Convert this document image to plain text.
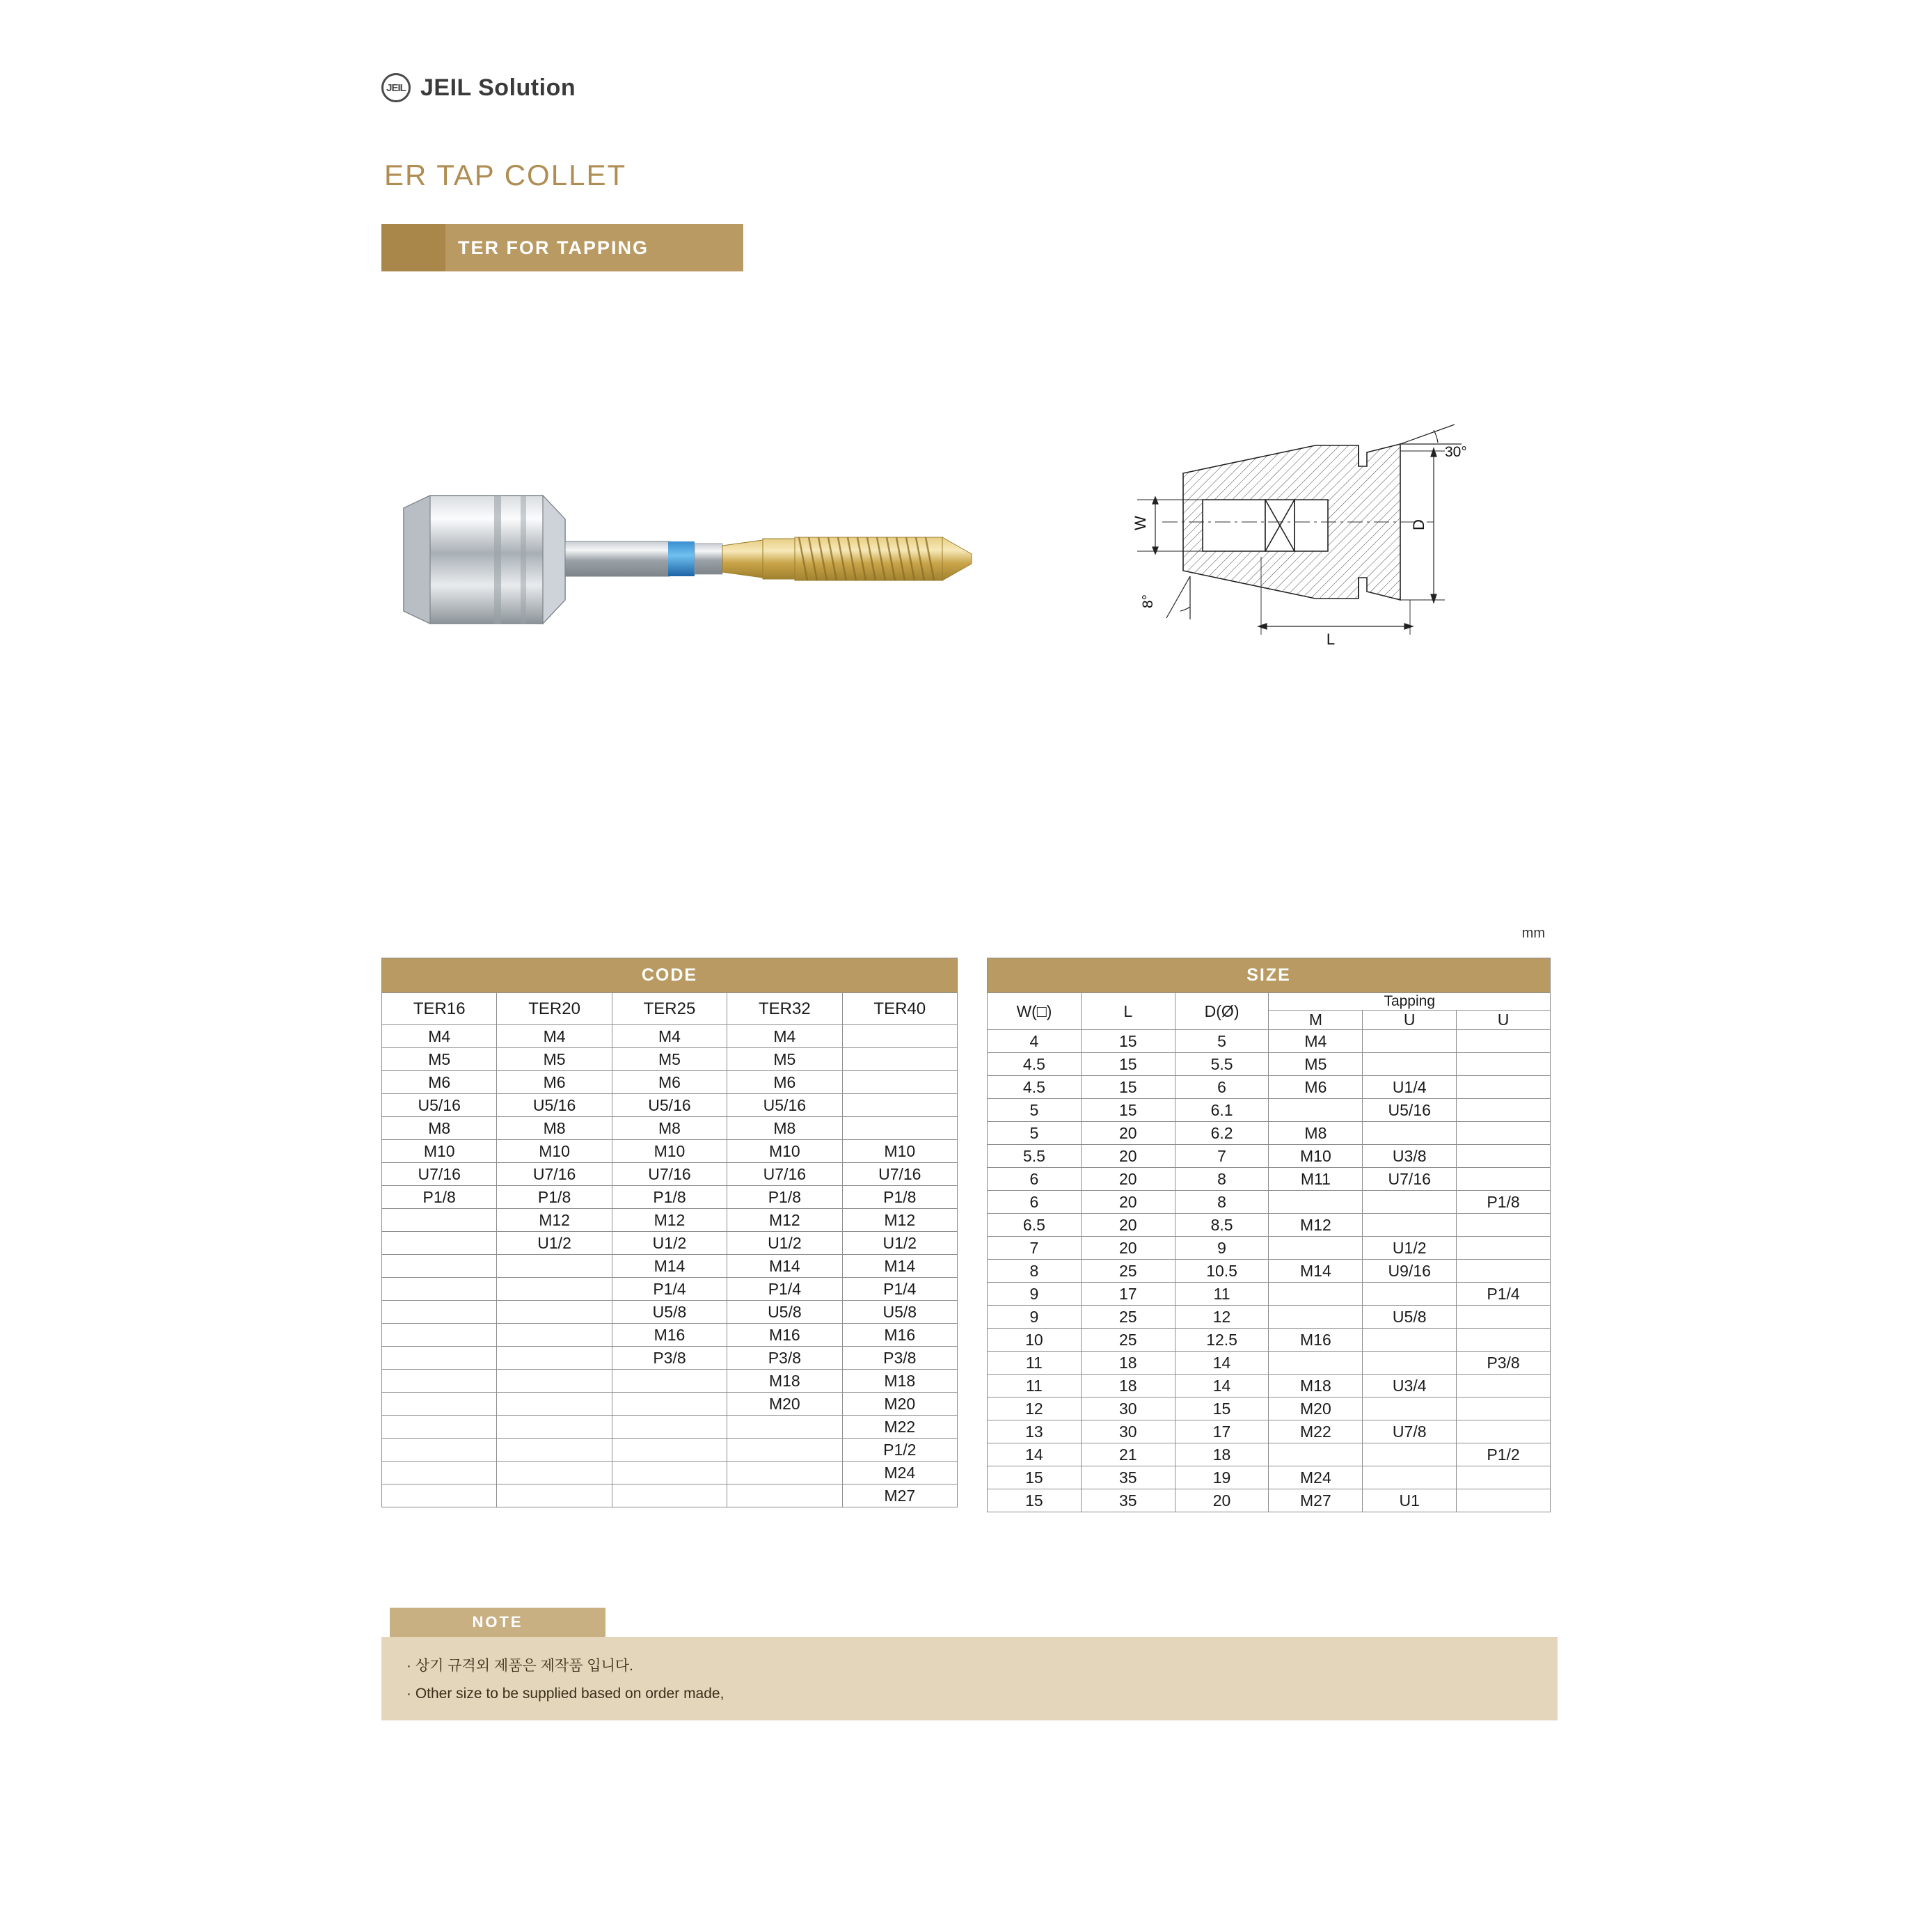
JEIL JEIL Solution
ER TAP COLLET
TER FOR TAPPING
W	D
L
30°
8°
mm
CODE				
TER16	TER20	TER25	TER32	TER40
M4	M4	M4	M4	
M5	M5	M5	M5	
M6	M6	M6	M6	
U5/16	U5/16	U5/16	U5/16	
M8	M8	M8	M8	
M10	M10	M10	M10	M10
U7/16	U7/16	U7/16	U7/16	U7/16
P1/8	P1/8	P1/8	P1/8	P1/8
	M12	M12	M12	M12
	U1/2	U1/2	U1/2	U1/2
		M14	M14	M14
		P1/4	P1/4	P1/4
		U5/8	U5/8	U5/8
		M16	M16	M16
		P3/8	P3/8	P3/8
			M18	M18
			M20	M20
				M22
				P1/2
				M24
				M27
SIZE					
W(□)	L	D(Ø)	Tapping		
			M	U	U
4	15	5	M4		
4.5	15	5.5	M5		
4.5	15	6	M6	U1/4	
5	15	6.1		U5/16	
5	20	6.2	M8		
5.5	20	7	M10	U3/8	
6	20	8	M11	U7/16	
6	20	8			P1/8
6.5	20	8.5	M12		
7	20	9		U1/2	
8	25	10.5	M14	U9/16	
9	17	11			P1/4
9	25	12		U5/8	
10	25	12.5	M16		
11	18	14			P3/8
11	18	14	M18	U3/4	
12	30	15	M20		
13	30	17	M22	U7/8	
14	21	18			P1/2
15	35	19	M24		
15	35	20	M27	U1	
NOTE
· 상기 규격외 제품은 제작품 입니다.
· Other size to be supplied based on order made,
